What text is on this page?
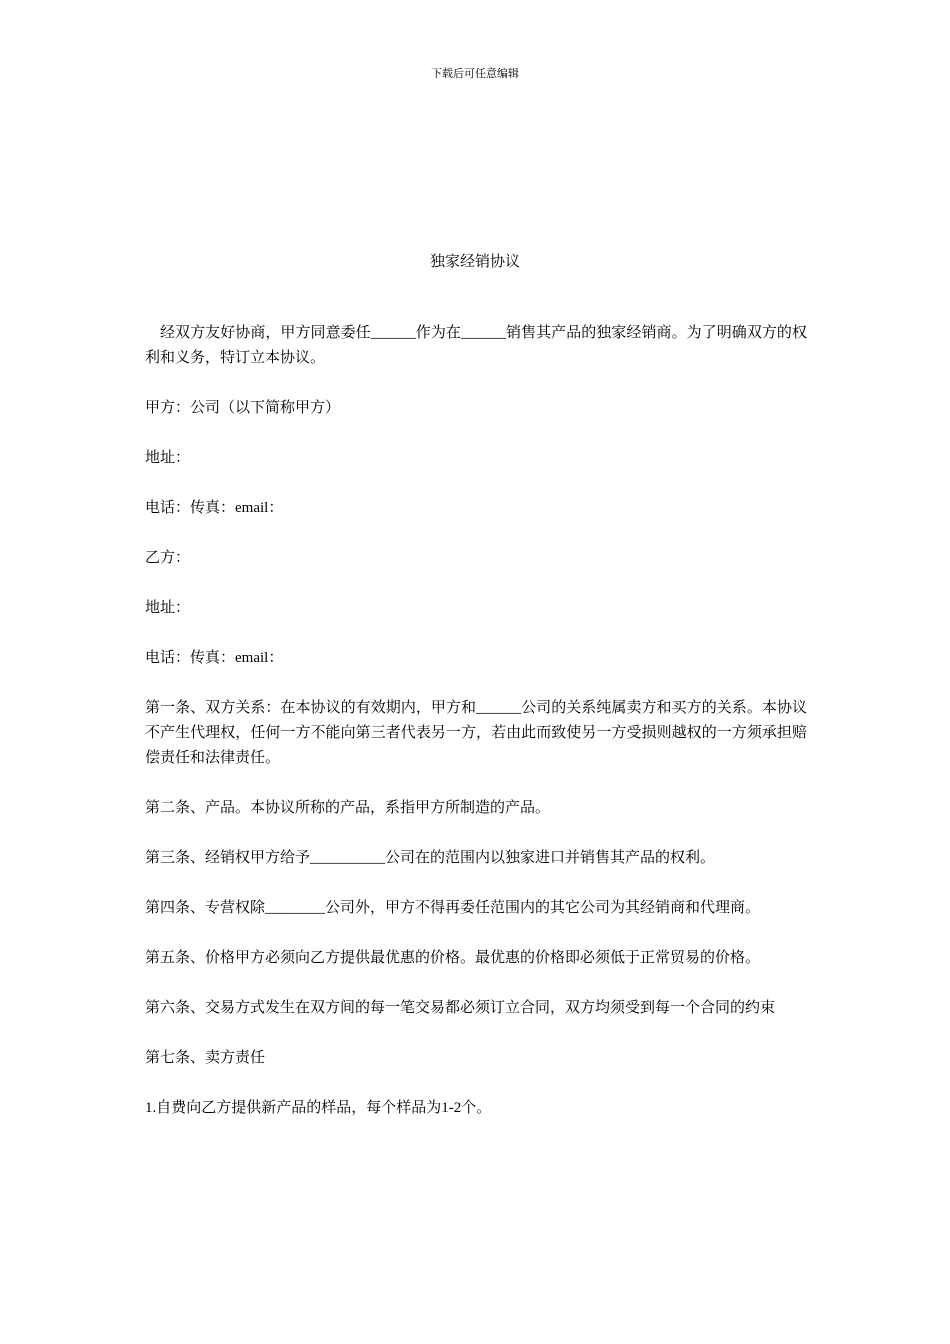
下载后可任意编辑
独家经销协议

经双方友好协商，甲方同意委任______作为在______销售其产品的独家经销商。为了明确双方的权利和义务，特订立本协议。

甲方：公司（以下简称甲方）

地址：

电话：传真：email：

乙方：

地址：

电话：传真：email：

第一条、双方关系：在本协议的有效期内，甲方和______公司的关系纯属卖方和买方的关系。本协议不产生代理权，任何一方不能向第三者代表另一方，若由此而致使另一方受损则越权的一方须承担赔偿责任和法律责任。

第二条、产品。本协议所称的产品，系指甲方所制造的产品。

第三条、经销权甲方给予__________公司在的范围内以独家进口并销售其产品的权利。

第四条、专营权除________公司外，甲方不得再委任范围内的其它公司为其经销商和代理商。

第五条、价格甲方必须向乙方提供最优惠的价格。最优惠的价格即必须低于正常贸易的价格。

第六条、交易方式发生在双方间的每一笔交易都必须订立合同，双方均须受到每一个合同的约束

第七条、卖方责任

1.自费向乙方提供新产品的样品，每个样品为1-2个。
